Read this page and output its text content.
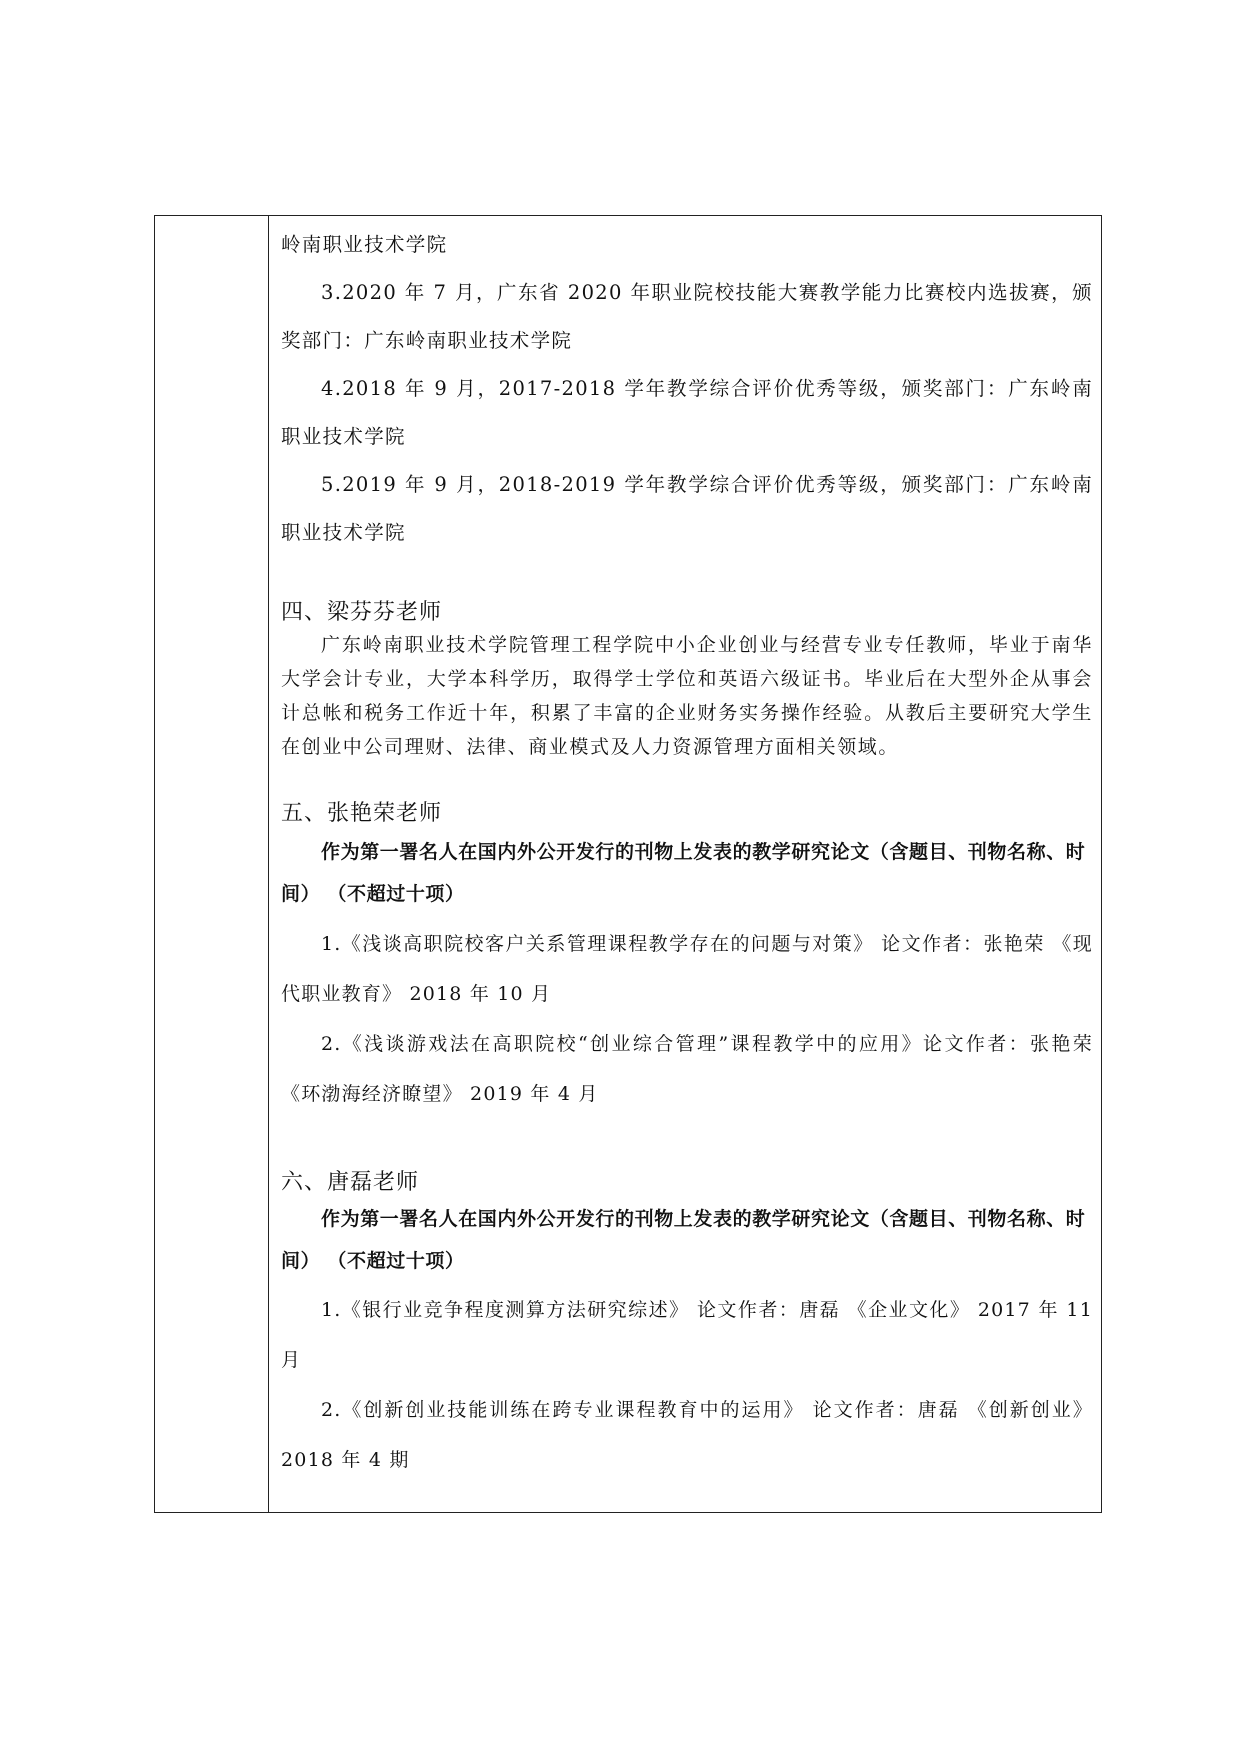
岭南职业技术学院
3.2020 年 7 月，广东省 2020 年职业院校技能大赛教学能力比赛校内选拔赛，颁奖部门：广东岭南职业技术学院
4.2018 年 9 月，2017-2018 学年教学综合评价优秀等级，颁奖部门：广东岭南职业技术学院
5.2019 年 9 月，2018-2019 学年教学综合评价优秀等级，颁奖部门：广东岭南职业技术学院
四、梁芬芬老师
广东岭南职业技术学院管理工程学院中小企业创业与经营专业专任教师，毕业于南华大学会计专业，大学本科学历，取得学士学位和英语六级证书。毕业后在大型外企从事会计总帐和税务工作近十年，积累了丰富的企业财务实务操作经验。从教后主要研究大学生在创业中公司理财、法律、商业模式及人力资源管理方面相关领域。
五、张艳荣老师
作为第一署名人在国内外公开发行的刊物上发表的教学研究论文（含题目、刊物名称、时间） （不超过十项）
1.《浅谈高职院校客户关系管理课程教学存在的问题与对策》 论文作者：张艳荣 《现代职业教育》 2018 年 10 月
2.《浅谈游戏法在高职院校“创业综合管理”课程教学中的应用》论文作者：张艳荣 《环渤海经济瞭望》 2019 年 4 月
六、唐磊老师
作为第一署名人在国内外公开发行的刊物上发表的教学研究论文（含题目、刊物名称、时间） （不超过十项）
1.《银行业竞争程度测算方法研究综述》 论文作者：唐磊 《企业文化》 2017 年 11 月
2.《创新创业技能训练在跨专业课程教育中的运用》 论文作者：唐磊 《创新创业》 2018 年 4 期
